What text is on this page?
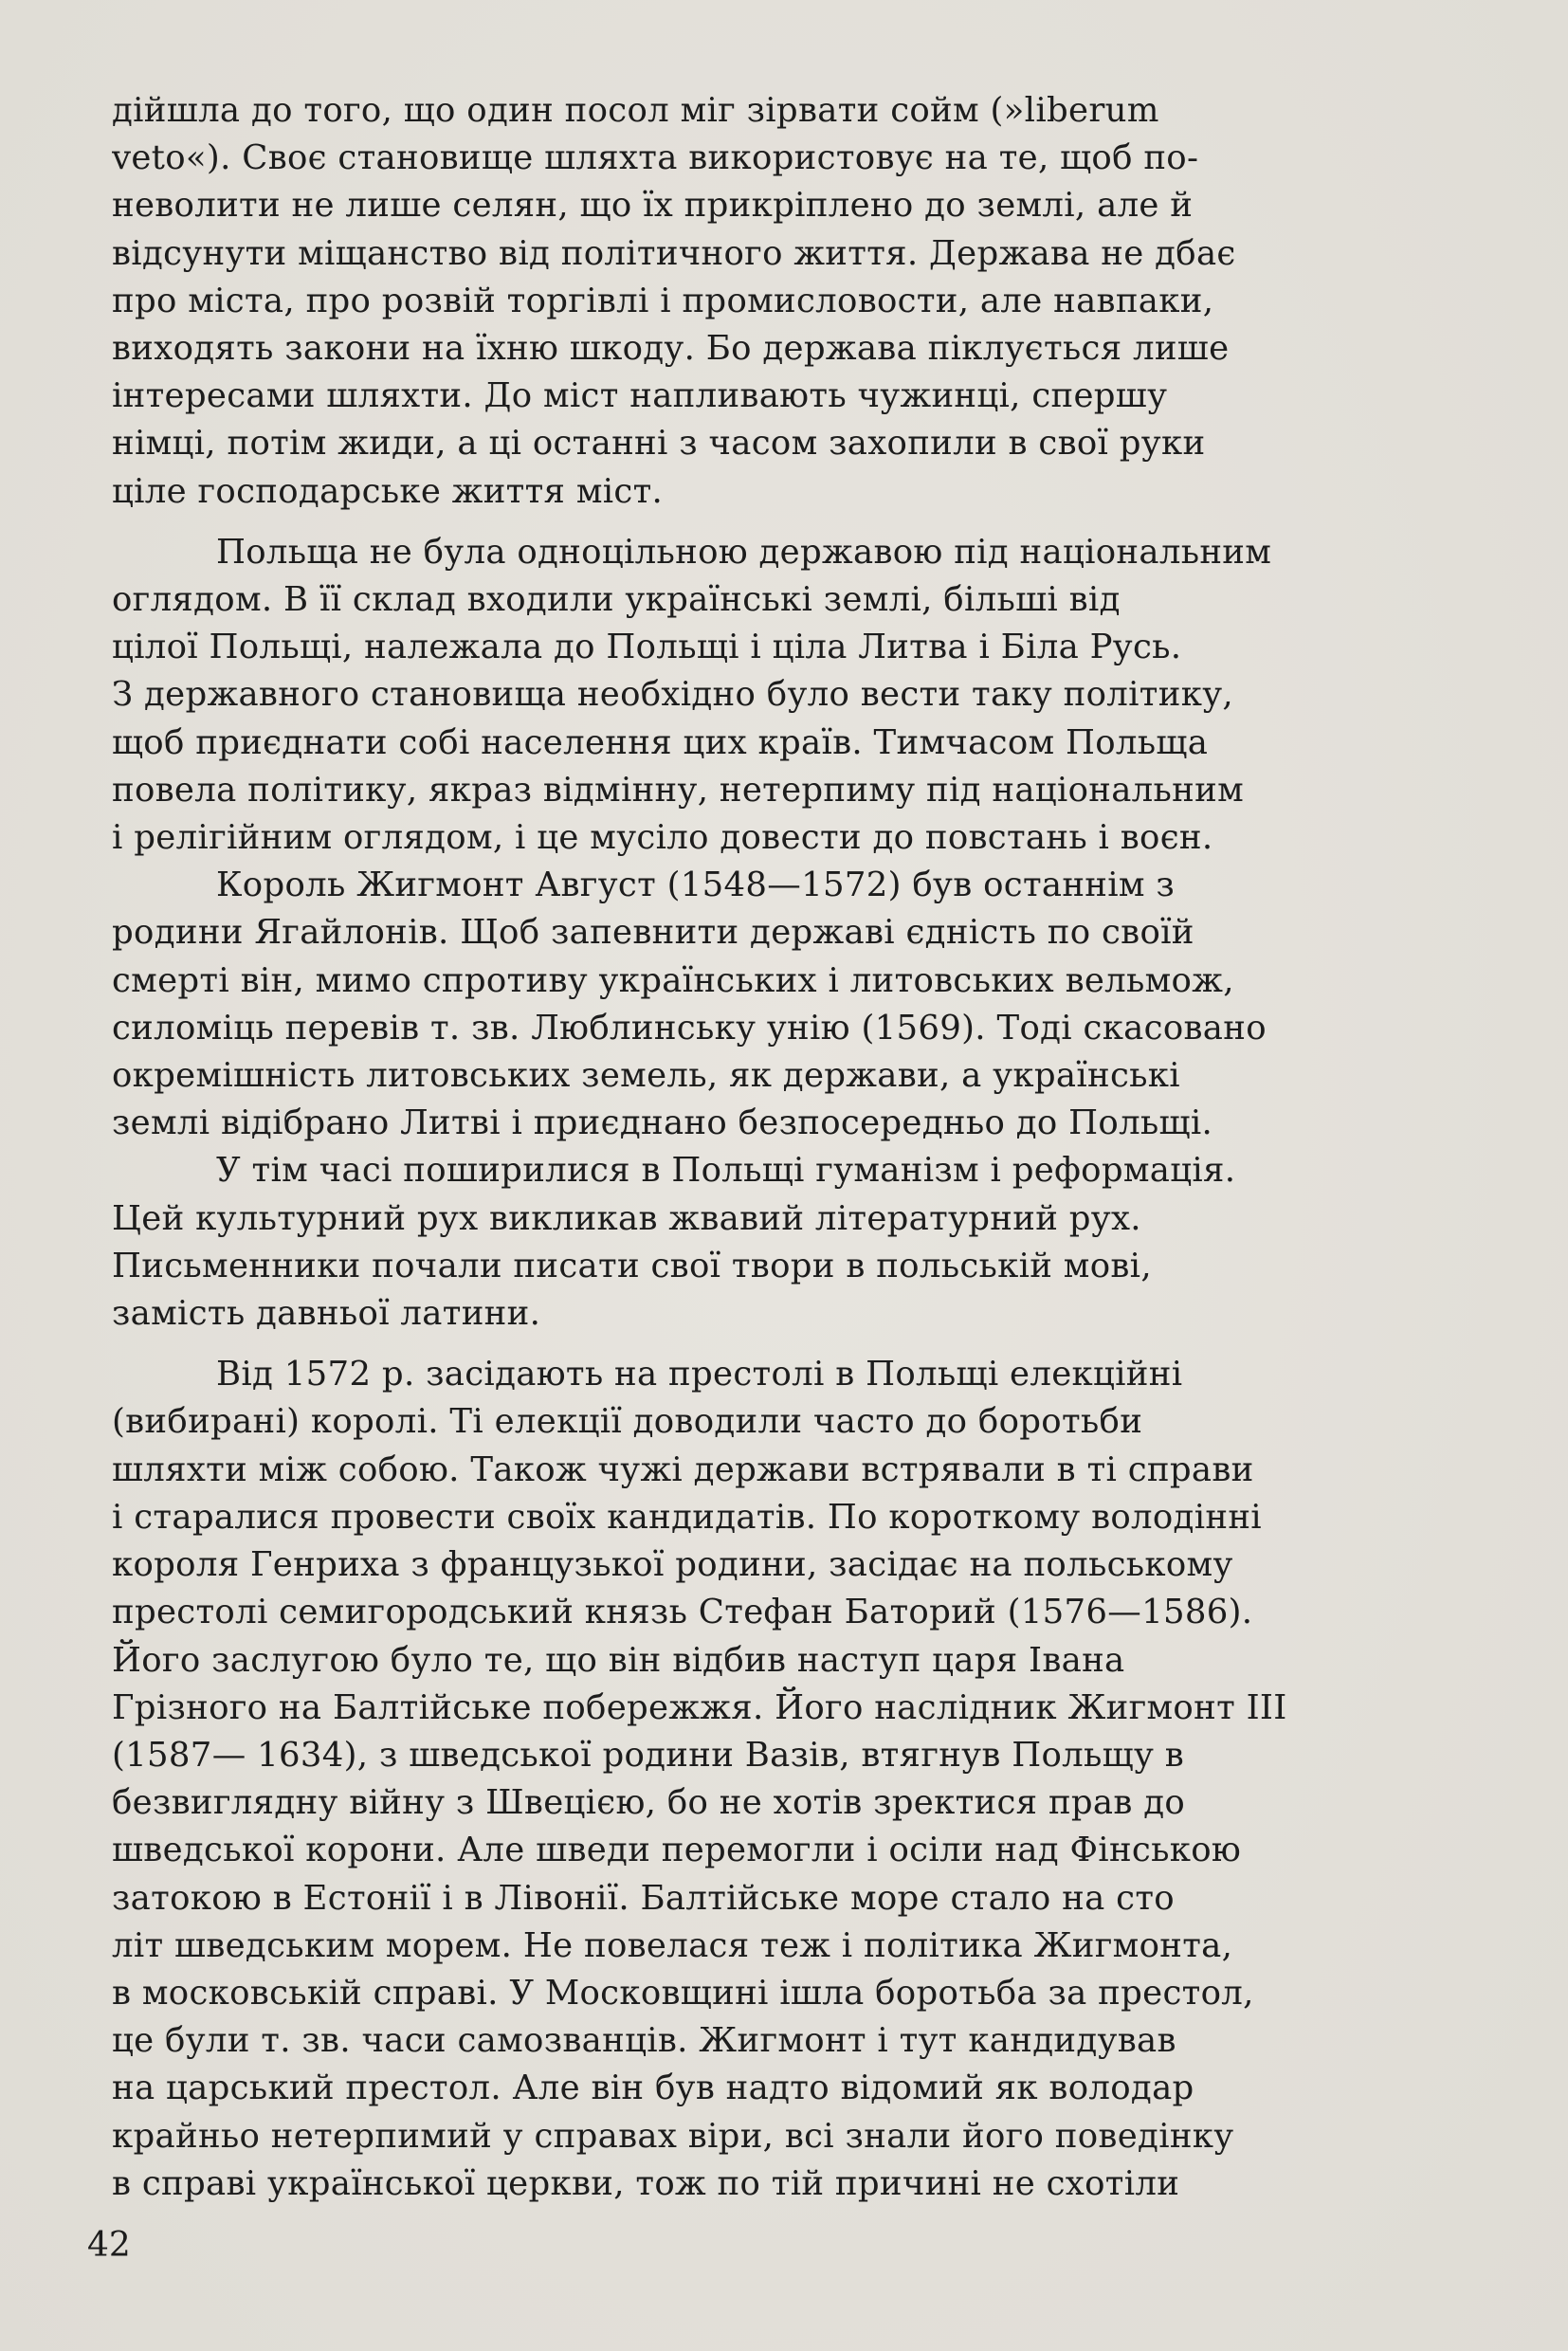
дійшла до того, що один посол міг зірвати сойм (»liberum
veto«). Своє становище шляхта використовує на те, щоб по-
неволити не лише селян, що їх прикріплено до землі, але й
відсунути міщанство від політичного життя. Держава не дбає
про міста, про розвій торгівлі і промисловости, але навпаки,
виходять закони на їхню шкоду. Бо держава піклується лише
інтересами шляхти. До міст напливають чужинці, спершу
німці, потім жиди, а ці останні з часом захопили в свої руки
ціле господарське життя міст.
Польща не була одноцільною державою під національним
оглядом. В її склад входили українські землі, більші від
цілої Польщі, належала до Польщі і ціла Литва і Біла Русь.
З державного становища необхідно було вести таку політику,
щоб приєднати собі населення цих країв. Тимчасом Польща
повела політику, якраз відмінну, нетерпиму під національним
і релігійним оглядом, і це мусіло довести до повстань і воєн.
Король Жигмонт Август (1548—1572) був останнім з
родини Ягайлонів. Щоб запевнити державі єдність по своїй
смерті він, мимо спротиву українських і литовських вельмож,
силоміць перевів т. зв. Люблинську унію (1569). Тоді скасовано
окремішність литовських земель, як держави, а українські
землі відібрано Литві і приєднано безпосередньо до Польщі.
У тім часі поширилися в Польщі гуманізм і реформація.
Цей культурний рух викликав жвавий літературний рух.
Письменники почали писати свої твори в польській мові,
замість давньої латини.
Від 1572 р. засідають на престолі в Польщі елекційні
(вибирані) королі. Ті елекції доводили часто до боротьби
шляхти між собою. Також чужі держави встрявали в ті справи
і старалися провести своїх кандидатів. По короткому володінні
короля Генриха з французької родини, засідає на польському
престолі семигородський князь Стефан Баторий (1576—1586).
Його заслугою було те, що він відбив наступ царя Івана
Грізного на Балтійське побережжя. Його наслідник Жигмонт III
(1587— 1634), з шведської родини Вазів, втягнув Польщу в
безвиглядну війну з Швецією, бо не хотів зректися прав до
шведської корони. Але шведи перемогли і осіли над Фінською
затокою в Естонії і в Лівонії. Балтійське море стало на сто
літ шведським морем. Не повелася теж і політика Жигмонта,
в московській справі. У Московщині ішла боротьба за престол,
це були т. зв. часи самозванців. Жигмонт і тут кандидував
на царський престол. Але він був надто відомий як володар
крайньо нетерпимий у справах віри, всі знали його поведінку
в справі української церкви, тож по тій причині не схотіли
42
